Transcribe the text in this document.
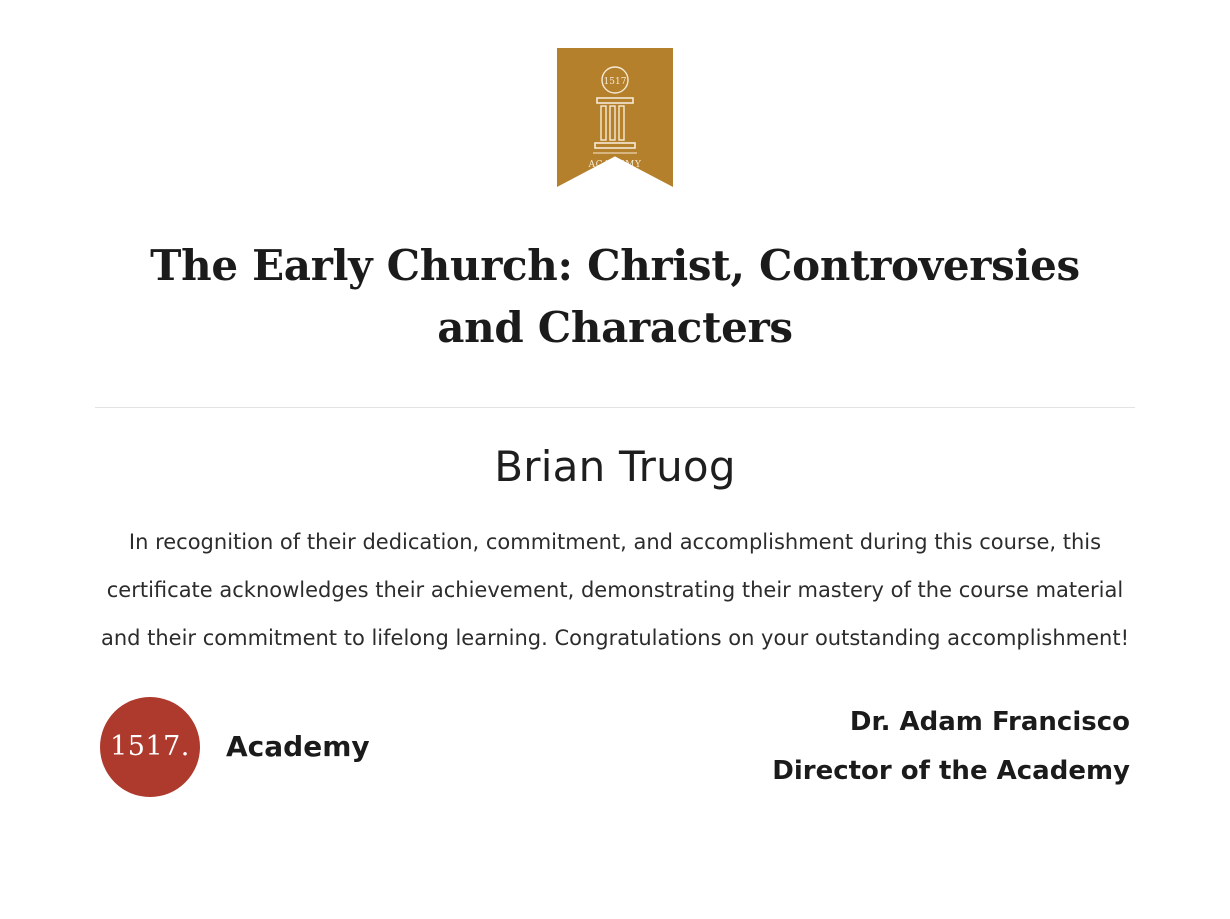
1517
ACADEMY
The Early Church: Christ, Controversies and Characters
Brian Truog
In recognition of their dedication, commitment, and accomplishment during this course, this certificate acknowledges their achievement, demonstrating their mastery of the course material and their commitment to lifelong learning. Congratulations on your outstanding accomplishment!
1517.	Academy
Dr. Adam Francisco
Director of the Academy
